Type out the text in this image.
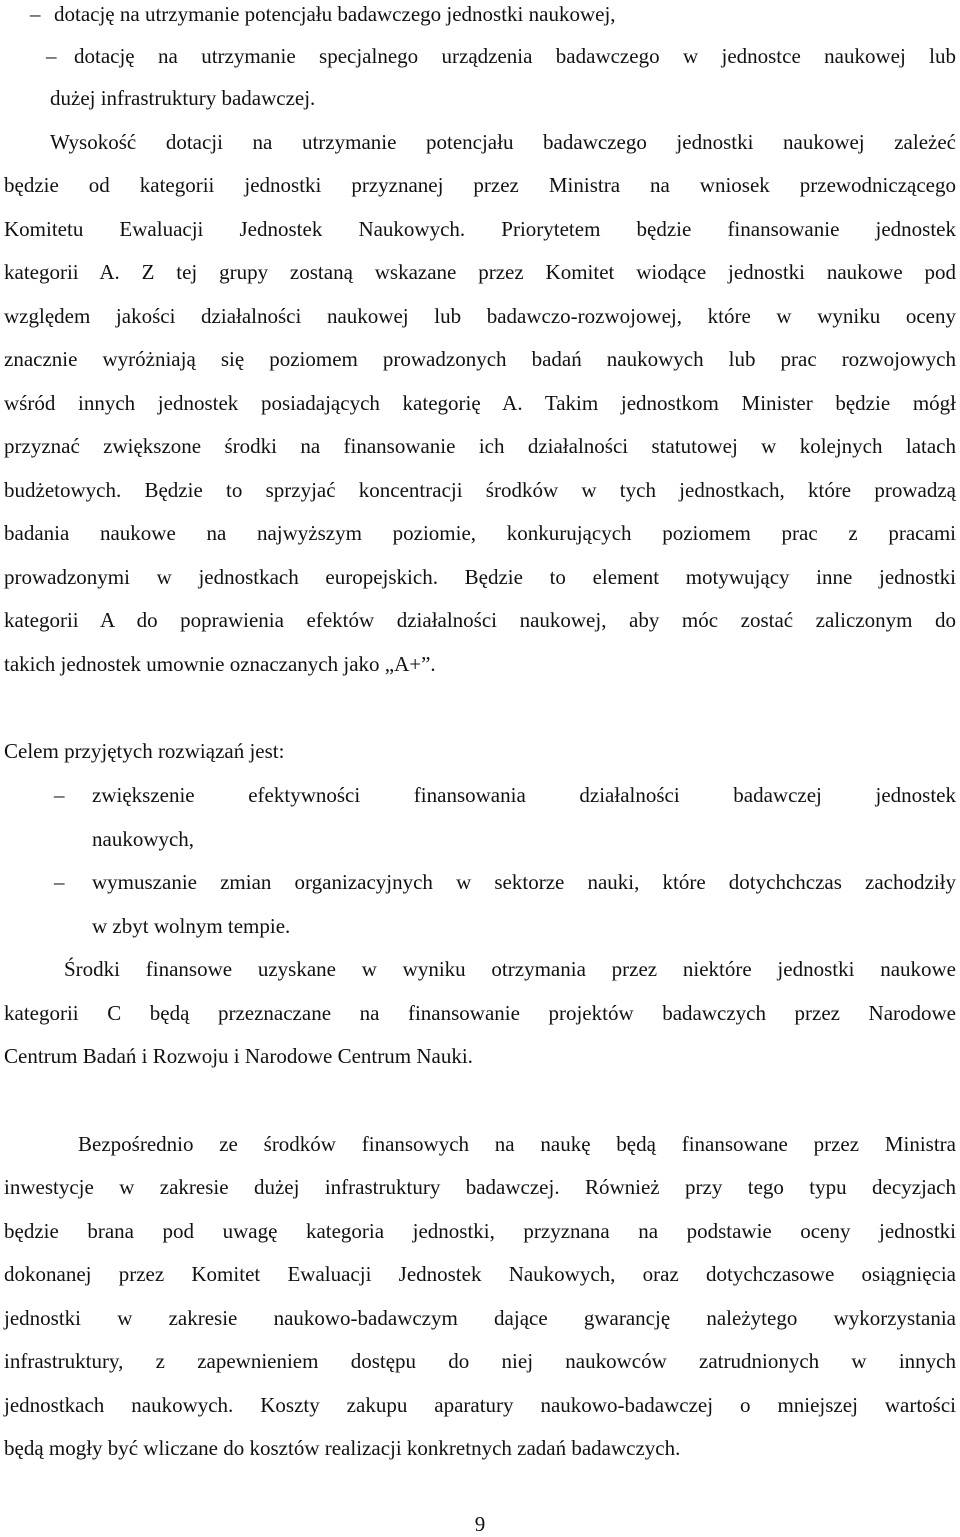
– dotację na utrzymanie potencjału badawczego jednostki naukowej,
– dotację na utrzymanie specjalnego urządzenia badawczego w jednostce naukowej lub
dużej infrastruktury badawczej.
Wysokość dotacji na utrzymanie potencjału badawczego jednostki naukowej zależeć
będzie od kategorii jednostki przyznanej przez Ministra na wniosek przewodniczącego
Komitetu Ewaluacji Jednostek Naukowych. Priorytetem będzie finansowanie jednostek
kategorii A. Z tej grupy zostaną wskazane przez Komitet wiodące jednostki naukowe pod
względem jakości działalności naukowej lub badawczo-rozwojowej, które w wyniku oceny
znacznie wyróżniają się poziomem prowadzonych badań naukowych lub prac rozwojowych
wśród innych jednostek posiadających kategorię A. Takim jednostkom Minister będzie mógł
przyznać zwiększone środki na finansowanie ich działalności statutowej w kolejnych latach
budżetowych. Będzie to sprzyjać koncentracji środków w tych jednostkach, które prowadzą
badania naukowe na najwyższym poziomie, konkurujących poziomem prac z pracami
prowadzonymi w jednostkach europejskich. Będzie to element motywujący inne jednostki
kategorii A do poprawienia efektów działalności naukowej, aby móc zostać zaliczonym do
takich jednostek umownie oznaczanych jako „A+”.
Celem przyjętych rozwiązań jest:
– zwiększenie efektywności finansowania działalności badawczej jednostek
naukowych,
– wymuszanie zmian organizacyjnych w sektorze nauki, które dotychchczas zachodziły
w zbyt wolnym tempie.
Środki finansowe uzyskane w wyniku otrzymania przez niektóre jednostki naukowe
kategorii C będą przeznaczane na finansowanie projektów badawczych przez Narodowe
Centrum Badań i Rozwoju i Narodowe Centrum Nauki.
Bezpośrednio ze środków finansowych na naukę będą finansowane przez Ministra
inwestycje w zakresie dużej infrastruktury badawczej. Również przy tego typu decyzjach
będzie brana pod uwagę kategoria jednostki, przyznana na podstawie oceny jednostki
dokonanej przez Komitet Ewaluacji Jednostek Naukowych, oraz dotychczasowe osiągnięcia
jednostki w zakresie naukowo-badawczym dające gwarancję należytego wykorzystania
infrastruktury, z zapewnieniem dostępu do niej naukowców zatrudnionych w innych
jednostkach naukowych. Koszty zakupu aparatury naukowo-badawczej o mniejszej wartości
będą mogły być wliczane do kosztów realizacji konkretnych zadań badawczych.
9
